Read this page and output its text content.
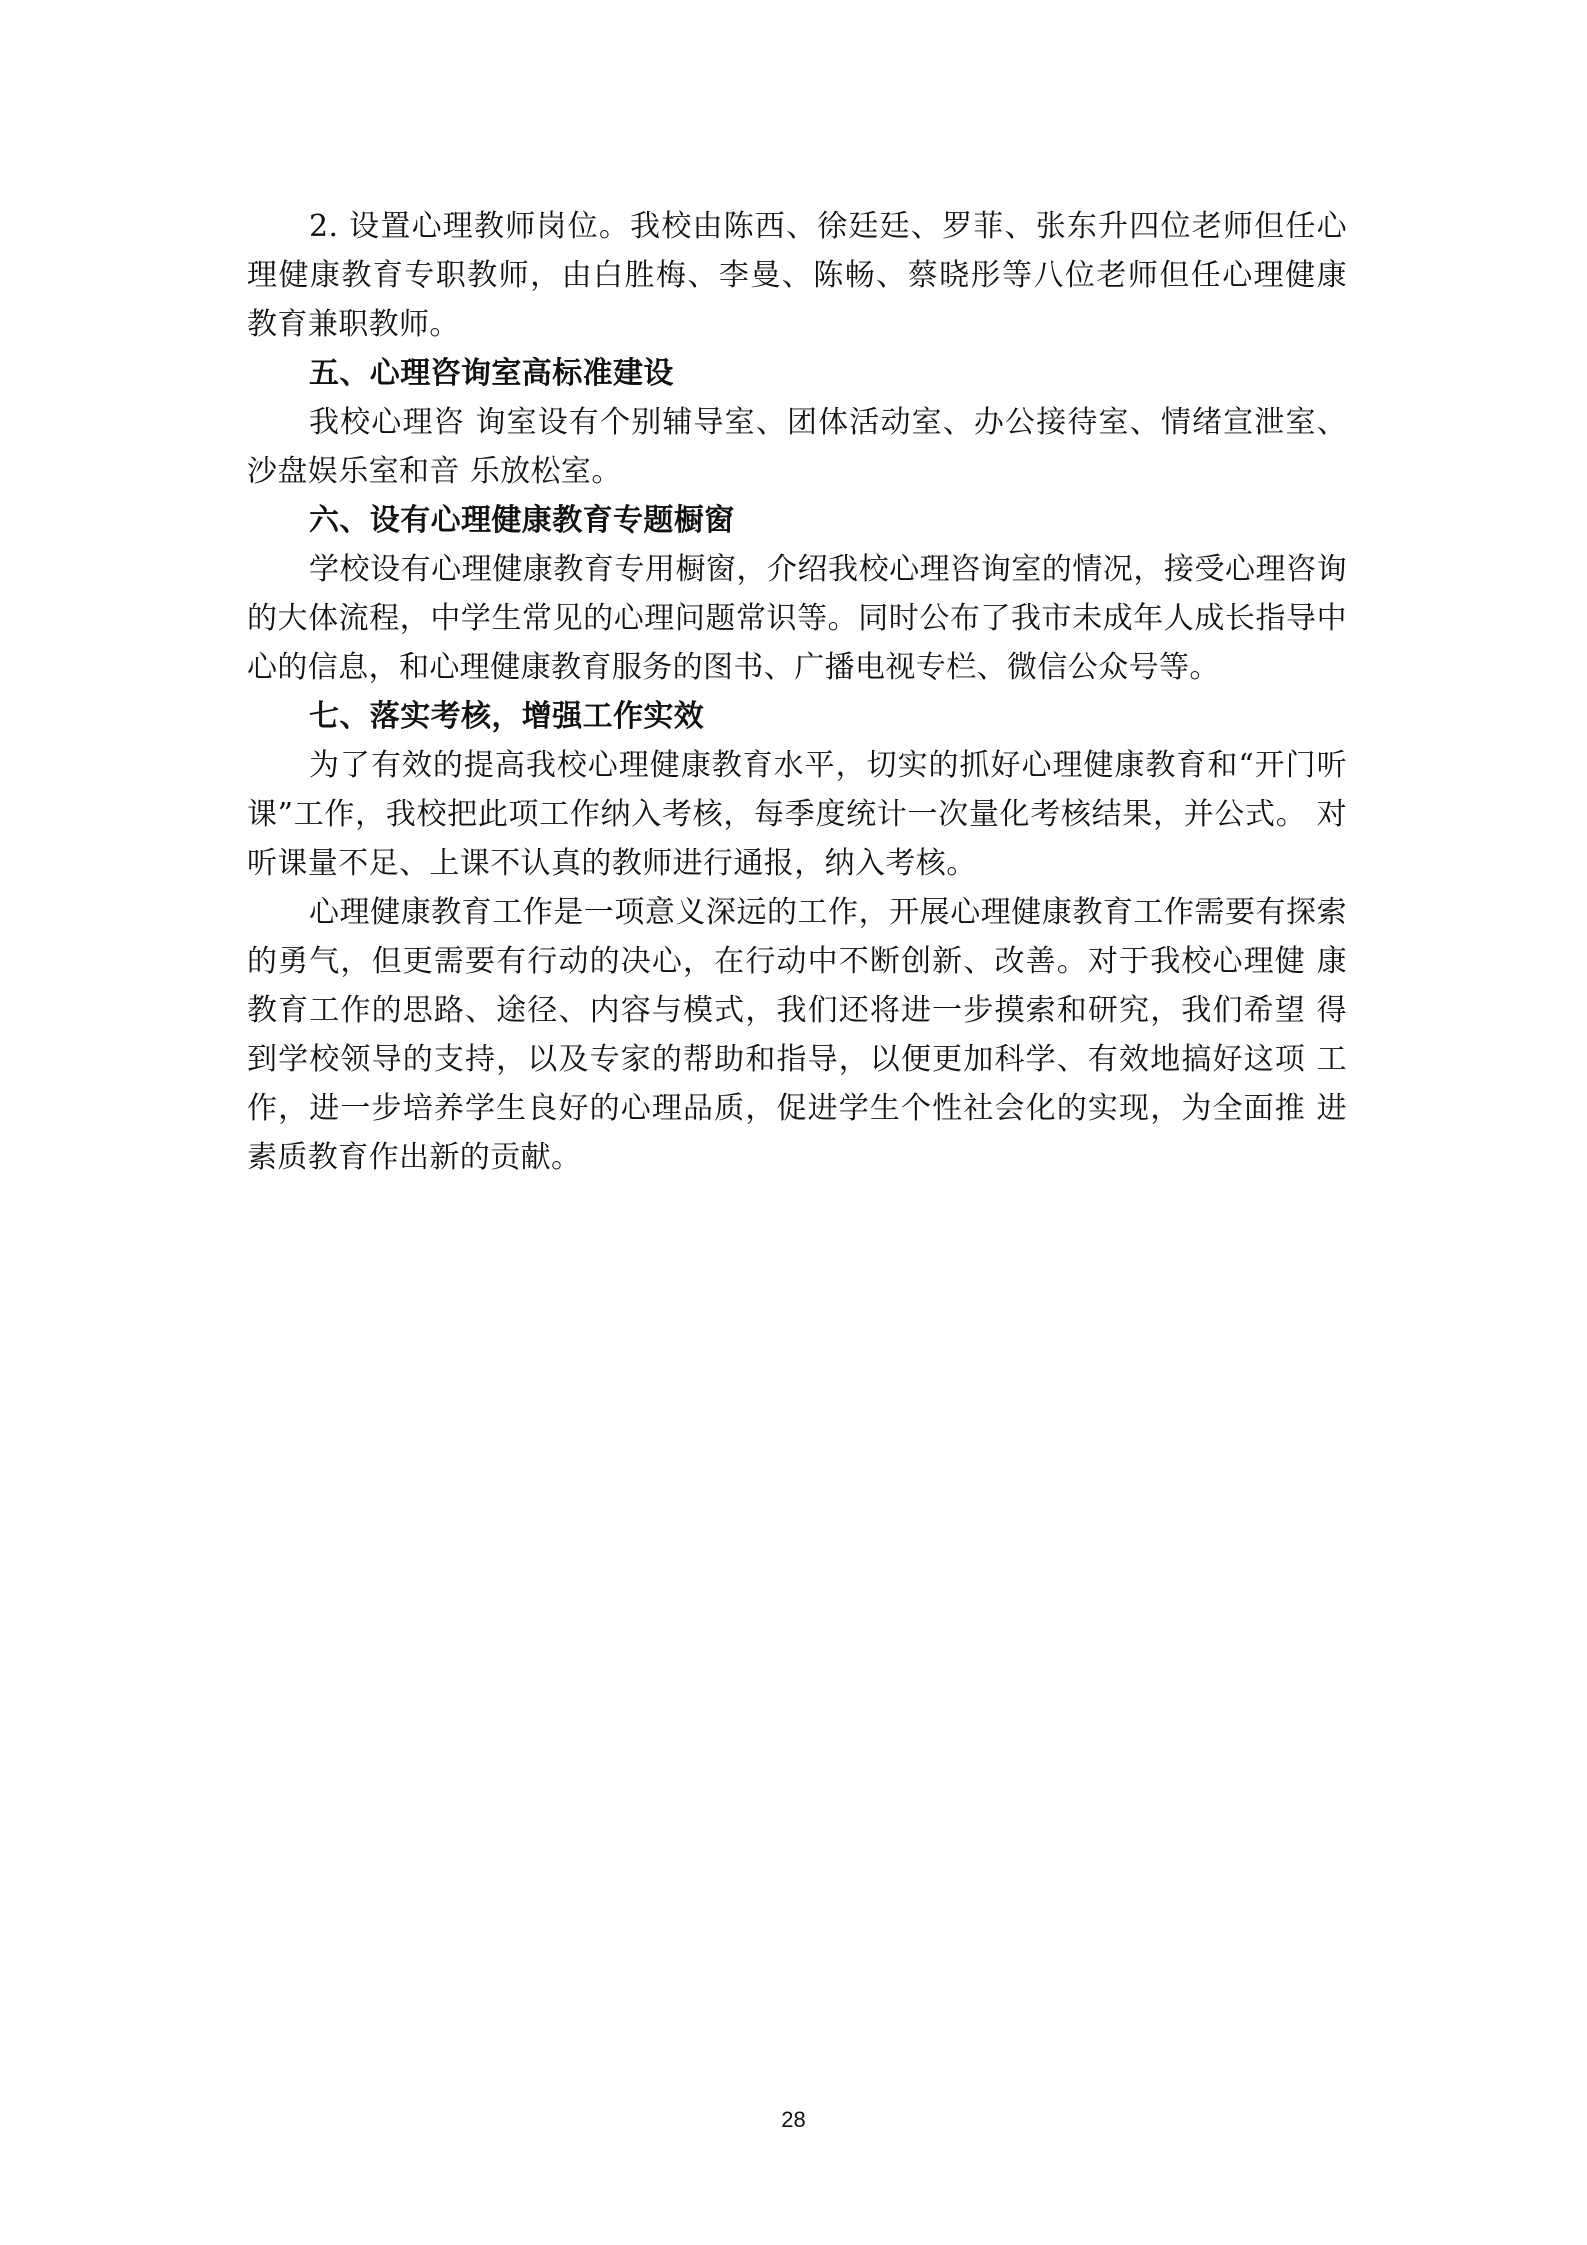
2. 设置心理教师岗位。我校由陈西、徐廷廷、罗菲、张东升四位老师但任心 理健康教育专职教师，由白胜梅、李曼、陈畅、蔡晓彤等八位老师但任心理健康 教育兼职教师。

五、心理咨询室高标准建设

我校心理咨 询室设有个别辅导室、团体活动室、办公接待室、情绪宣泄室、沙盘娱乐室和音 乐放松室。

六、设有心理健康教育专题橱窗

学校设有心理健康教育专用橱窗，介绍我校心理咨询室的情况，接受心理咨询的大体流程，中学生常见的心理问题常识等。同时公布了我市未成年人成长指导中心的信息，和心理健康教育服务的图书、广播电视专栏、微信公众号等。

七、落实考核，增强工作实效

为了有效的提高我校心理健康教育水平，切实的抓好心理健康教育和“开门听课”工作，我校把此项工作纳入考核，每季度统计一次量化考核结果，并公式。 对听课量不足、上课不认真的教师进行通报，纳入考核。

心理健康教育工作是一项意义深远的工作，开展心理健康教育工作需要有探索的勇气，但更需要有行动的决心，在行动中不断创新、改善。对于我校心理健 康教育工作的思路、途径、内容与模式，我们还将进一步摸索和研究，我们希望 得到学校领导的支持，以及专家的帮助和指导，以便更加科学、有效地搞好这项 工作，进一步培养学生良好的心理品质，促进学生个性社会化的实现，为全面推 进素质教育作出新的贡献。

28
